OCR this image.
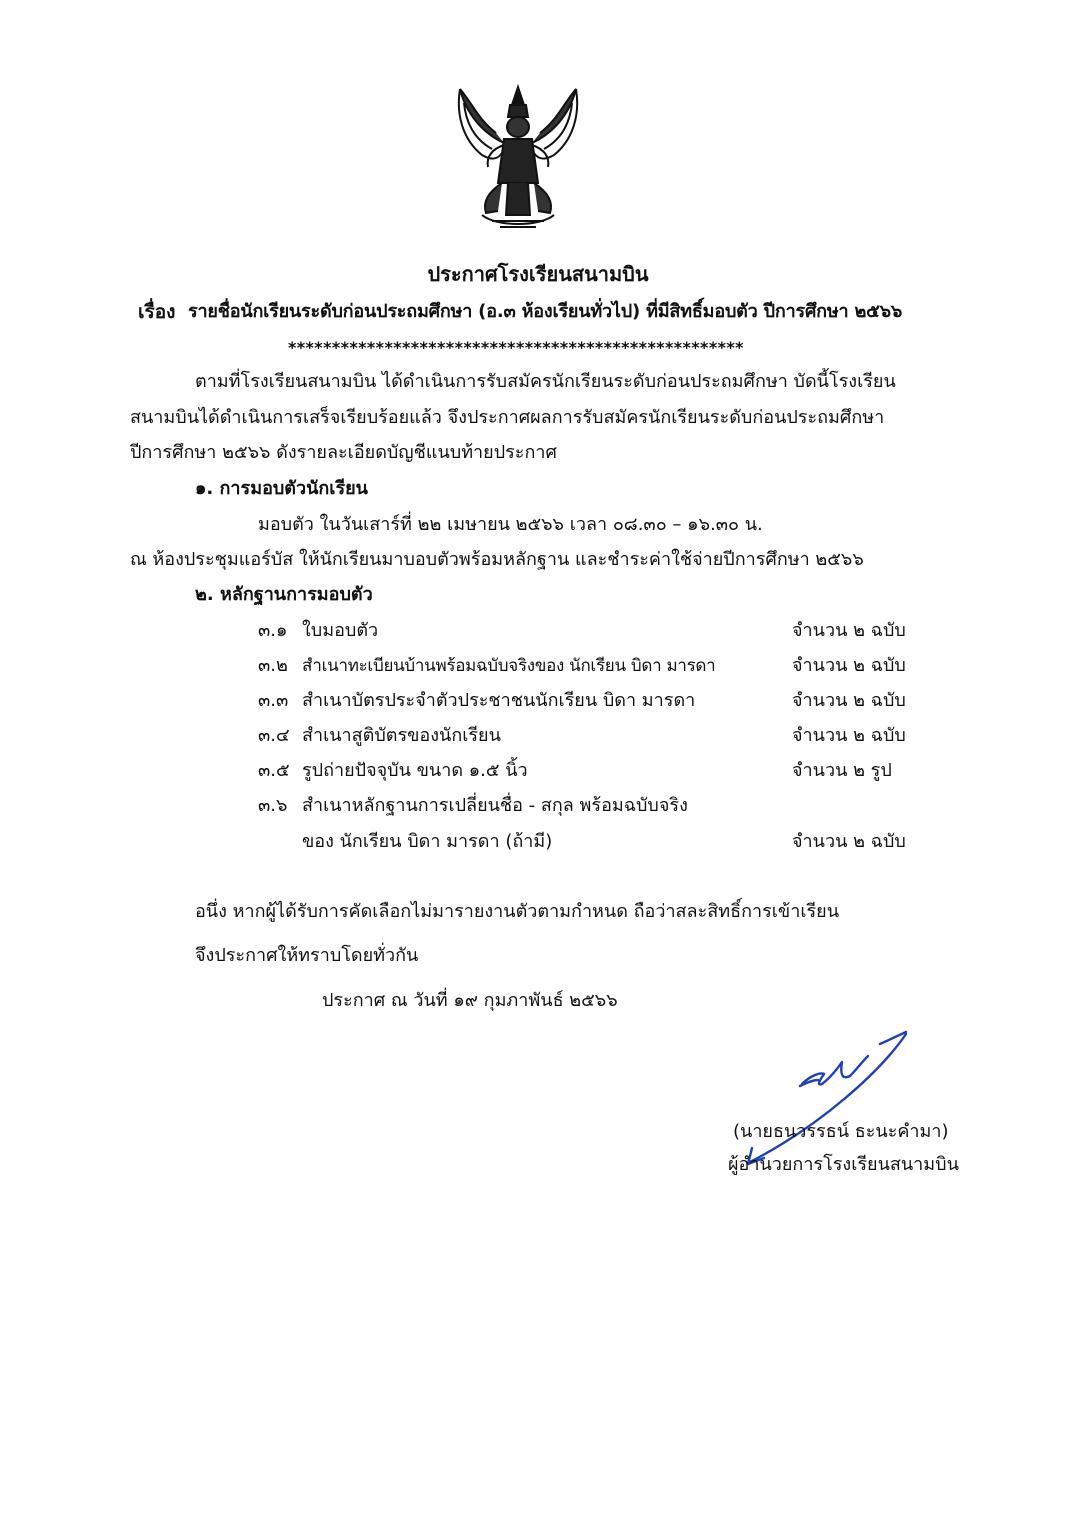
ประกาศโรงเรียนสนามบิน
เรื่อง รายชื่อนักเรียนระดับก่อนประถมศึกษา (อ.๓ ห้องเรียนทั่วไป) ที่มีสิทธิ์มอบตัว ปีการศึกษา ๒๕๖๖
****************************************************
ตามที่โรงเรียนสนามบิน ได้ดำเนินการรับสมัครนักเรียนระดับก่อนประถมศึกษา บัดนี้โรงเรียน
สนามบินได้ดำเนินการเสร็จเรียบร้อยแล้ว จึงประกาศผลการรับสมัครนักเรียนระดับก่อนประถมศึกษา
ปีการศึกษา ๒๕๖๖ ดังรายละเอียดบัญชีแนบท้ายประกาศ
๑. การมอบตัวนักเรียน
มอบตัว ในวันเสาร์ที่ ๒๒ เมษายน ๒๕๖๖ เวลา ๐๘.๓๐ – ๑๖.๓๐ น.
ณ ห้องประชุมแอร์บัส ให้นักเรียนมาบอบตัวพร้อมหลักฐาน และชำระค่าใช้จ่ายปีการศึกษา ๒๕๖๖
๒. หลักฐานการมอบตัว
๓.๑ ใบมอบตัว	จำนวน ๒ ฉบับ
๓.๒ สำเนาทะเบียนบ้านพร้อมฉบับจริงของ นักเรียน บิดา มารดา	จำนวน ๒ ฉบับ
๓.๓ สำเนาบัตรประจำตัวประชาชนนักเรียน บิดา มารดา	จำนวน ๒ ฉบับ
๓.๔ สำเนาสูติบัตรของนักเรียน	จำนวน ๒ ฉบับ
๓.๕ รูปถ่ายปัจจุบัน ขนาด ๑.๕ นิ้ว	จำนวน ๒ รูป
๓.๖ สำเนาหลักฐานการเปลี่ยนชื่อ - สกุล พร้อมฉบับจริง
ของ นักเรียน บิดา มารดา (ถ้ามี)	จำนวน ๒ ฉบับ
อนึ่ง หากผู้ได้รับการคัดเลือกไม่มารายงานตัวตามกำหนด ถือว่าสละสิทธิ์การเข้าเรียน
จึงประกาศให้ทราบโดยทั่วกัน
ประกาศ ณ วันที่ ๑๙ กุมภาพันธ์ ๒๕๖๖
(นายธนวรรธน์ ธะนะคำมา)
ผู้อำนวยการโรงเรียนสนามบิน
